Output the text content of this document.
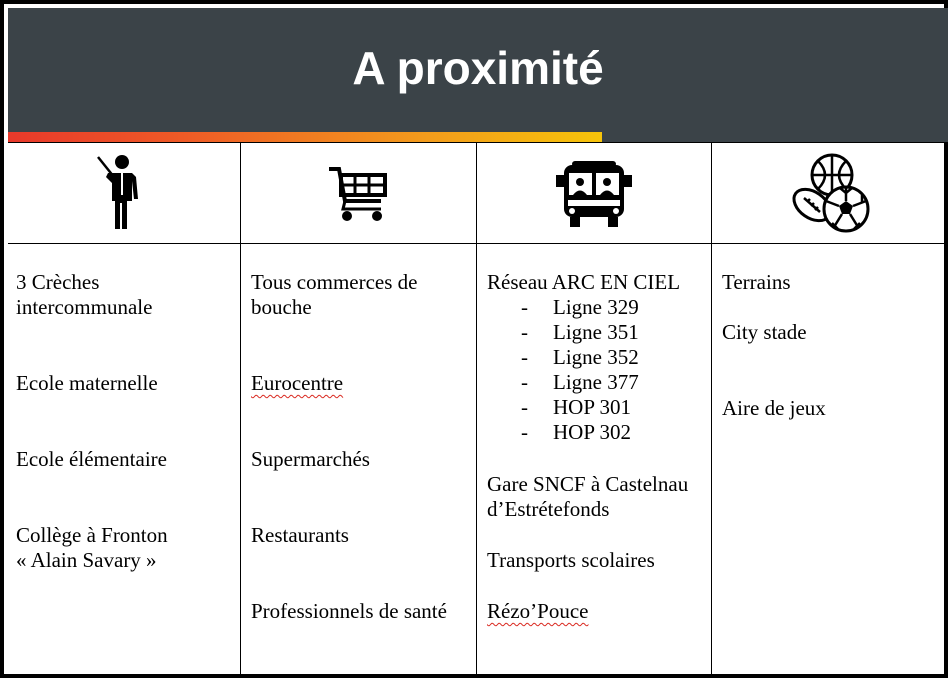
A proximité

3 Crèches
intercommunale

Ecole maternelle

Ecole élémentaire

Collège à Fronton
« Alain Savary »

Tous commerces de
bouche

Eurocentre

Supermarchés

Restaurants

Professionnels de santé

Réseau ARC EN CIEL

- Ligne 329
- Ligne 351
- Ligne 352
- Ligne 377
- HOP 301
- HOP 302

Gare SNCF à Castelnau
d’Estrétefonds

Transports scolaires

Rézo’Pouce

Terrains

City stade

Aire de jeux
